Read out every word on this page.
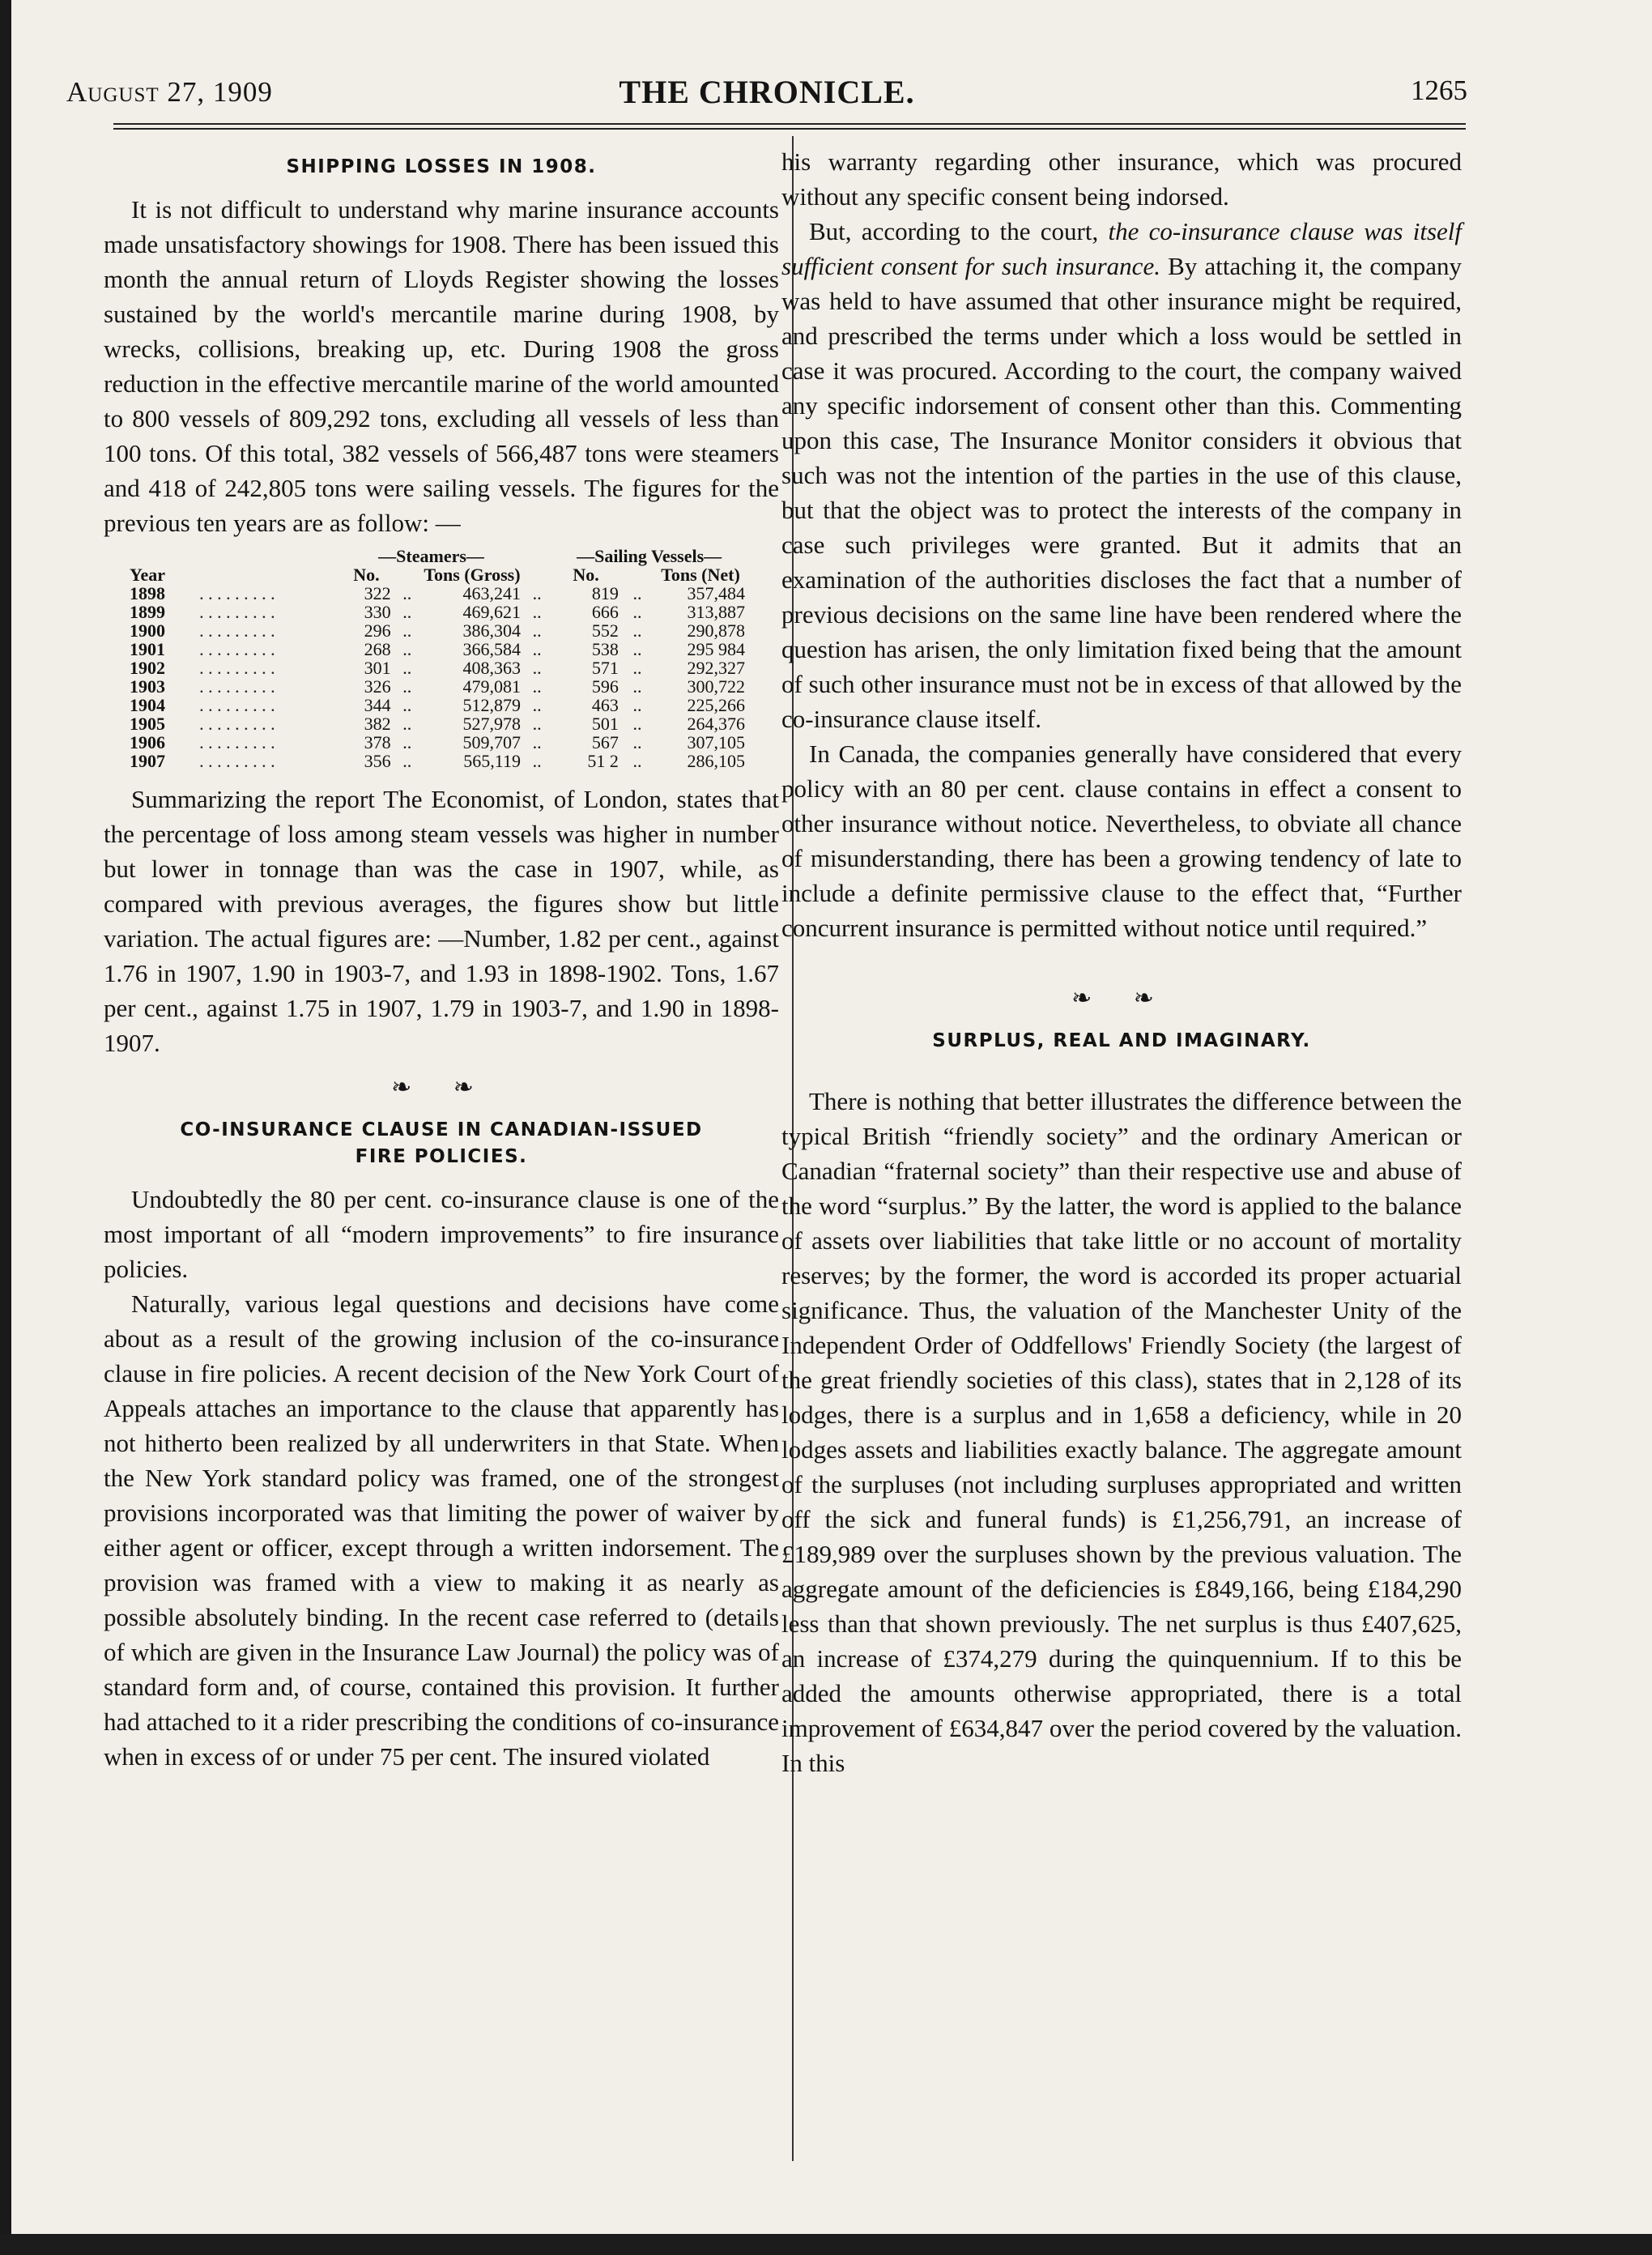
August 27, 1909	THE CHRONICLE.	1265
SHIPPING LOSSES IN 1908.

It is not difficult to understand why marine insurance accounts made unsatisfactory showings for 1908. There has been issued this month the annual return of Lloyds Register showing the losses sustained by the world's mercantile marine during 1908, by wrecks, collisions, breaking up, etc. During 1908 the gross reduction in the effective mercantile marine of the world amounted to 800 vessels of 809,292 tons, excluding all vessels of less than 100 tons. Of this total, 382 vessels of 566,487 tons were steamers and 418 of 242,805 tons were sailing vessels. The figures for the previous ten years are as follow: —

		—Steamers—				—Sailing Vessels—		
Year		No.		Tons (Gross)		No.		Tons (Net)
1898	. . . . . . . . .	322	..	463,241	..	819	..	357,484
1899	. . . . . . . . .	330	..	469,621	..	666	..	313,887
1900	. . . . . . . . .	296	..	386,304	..	552	..	290,878
1901	. . . . . . . . .	268	..	366,584	..	538	..	295 984
1902	. . . . . . . . .	301	..	408,363	..	571	..	292,327
1903	. . . . . . . . .	326	..	479,081	..	596	..	300,722
1904	. . . . . . . . .	344	..	512,879	..	463	..	225,266
1905	. . . . . . . . .	382	..	527,978	..	501	..	264,376
1906	. . . . . . . . .	378	..	509,707	..	567	..	307,105
1907	. . . . . . . . .	356	..	565,119	..	51 2	..	286,105

Summarizing the report The Economist, of London, states that the percentage of loss among steam vessels was higher in number but lower in tonnage than was the case in 1907, while, as compared with previous averages, the figures show but little variation. The actual figures are: —Number, 1.82 per cent., against 1.76 in 1907, 1.90 in 1903-7, and 1.93 in 1898-1902. Tons, 1.67 per cent., against 1.75 in 1907, 1.79 in 1903-7, and 1.90 in 1898-1907.

❧ ❧
CO-INSURANCE CLAUSE IN CANADIAN-ISSUED
FIRE POLICIES.

Undoubtedly the 80 per cent. co-insurance clause is one of the most important of all “modern improvements” to fire insurance policies.

Naturally, various legal questions and decisions have come about as a result of the growing inclusion of the co-insurance clause in fire policies. A recent decision of the New York Court of Appeals attaches an importance to the clause that apparently has not hitherto been realized by all underwriters in that State. When the New York standard policy was framed, one of the strongest provisions incorporated was that limiting the power of waiver by either agent or officer, except through a written indorsement. The provision was framed with a view to making it as nearly as possible absolutely binding. In the recent case referred to (details of which are given in the Insurance Law Journal) the policy was of standard form and, of course, contained this provision. It further had attached to it a rider prescribing the conditions of co-insurance when in excess of or under 75 per cent. The insured violated

his warranty regarding other insurance, which was procured without any specific consent being indorsed.

But, according to the court, the co-insurance clause was itself sufficient consent for such insurance. By attaching it, the company was held to have assumed that other insurance might be required, and prescribed the terms under which a loss would be settled in case it was procured. According to the court, the company waived any specific indorsement of consent other than this. Commenting upon this case, The Insurance Monitor considers it obvious that such was not the intention of the parties in the use of this clause, but that the object was to protect the interests of the company in case such privileges were granted. But it admits that an examination of the authorities discloses the fact that a number of previous decisions on the same line have been rendered where the question has arisen, the only limitation fixed being that the amount of such other insurance must not be in excess of that allowed by the co-insurance clause itself.

In Canada, the companies generally have considered that every policy with an 80 per cent. clause contains in effect a consent to other insurance without notice. Nevertheless, to obviate all chance of misunderstanding, there has been a growing tendency of late to include a definite permissive clause to the effect that, “Further concurrent insurance is permitted without notice until required.”

❧ ❧
SURPLUS, REAL AND IMAGINARY.

There is nothing that better illustrates the difference between the typical British “friendly society” and the ordinary American or Canadian “fraternal society” than their respective use and abuse of the word “surplus.” By the latter, the word is applied to the balance of assets over liabilities that take little or no account of mortality reserves; by the former, the word is accorded its proper actuarial significance. Thus, the valuation of the Manchester Unity of the Independent Order of Oddfellows' Friendly Society (the largest of the great friendly societies of this class), states that in 2,128 of its lodges, there is a surplus and in 1,658 a deficiency, while in 20 lodges assets and liabilities exactly balance. The aggregate amount of the surpluses (not including surpluses appropriated and written off the sick and funeral funds) is £1,256,791, an increase of £189,989 over the surpluses shown by the previous valuation. The aggregate amount of the deficiencies is £849,166, being £184,290 less than that shown previously. The net surplus is thus £407,625, an increase of £374,279 during the quinquennium. If to this be added the amounts otherwise appropriated, there is a total improvement of £634,847 over the period covered by the valuation. In this
